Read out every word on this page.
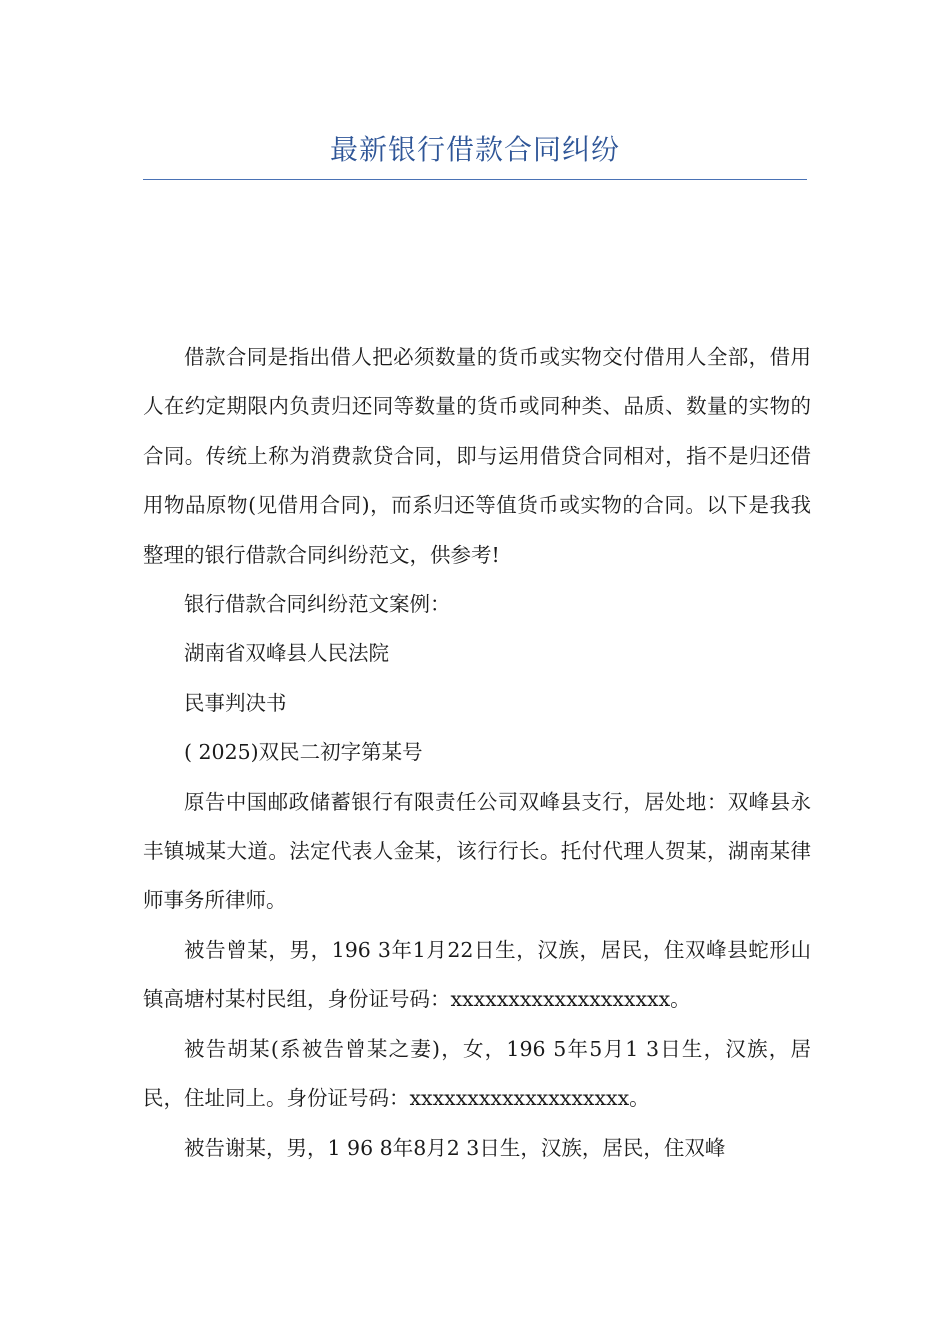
最新银行借款合同纠纷

借款合同是指出借人把必须数量的货币或实物交付借用人全部，借用人在约定期限内负责归还同等数量的货币或同种类、品质、数量的实物的合同。传统上称为消费款贷合同，即与运用借贷合同相对，指不是归还借用物品原物(见借用合同)，而系归还等值货币或实物的合同。以下是我我整理的银行借款合同纠纷范文，供参考!

银行借款合同纠纷范文案例：

湖南省双峰县人民法院

民事判决书

( 2025)双民二初字第某号

原告中国邮政储蓄银行有限责任公司双峰县支行，居处地：双峰县永丰镇城某大道。法定代表人金某，该行行长。托付代理人贺某，湖南某律师事务所律师。

被告曾某，男，196 3年1月22日生，汉族，居民，住双峰县蛇形山镇高塘村某村民组，身份证号码：xxxxxxxxxxxxxxxxxxx。

被告胡某(系被告曾某之妻)，女，196 5年5月1 3日生，汉族，居民，住址同上。身份证号码：xxxxxxxxxxxxxxxxxxx。

被告谢某，男，1 96 8年8月2 3日生，汉族，居民，住双峰
